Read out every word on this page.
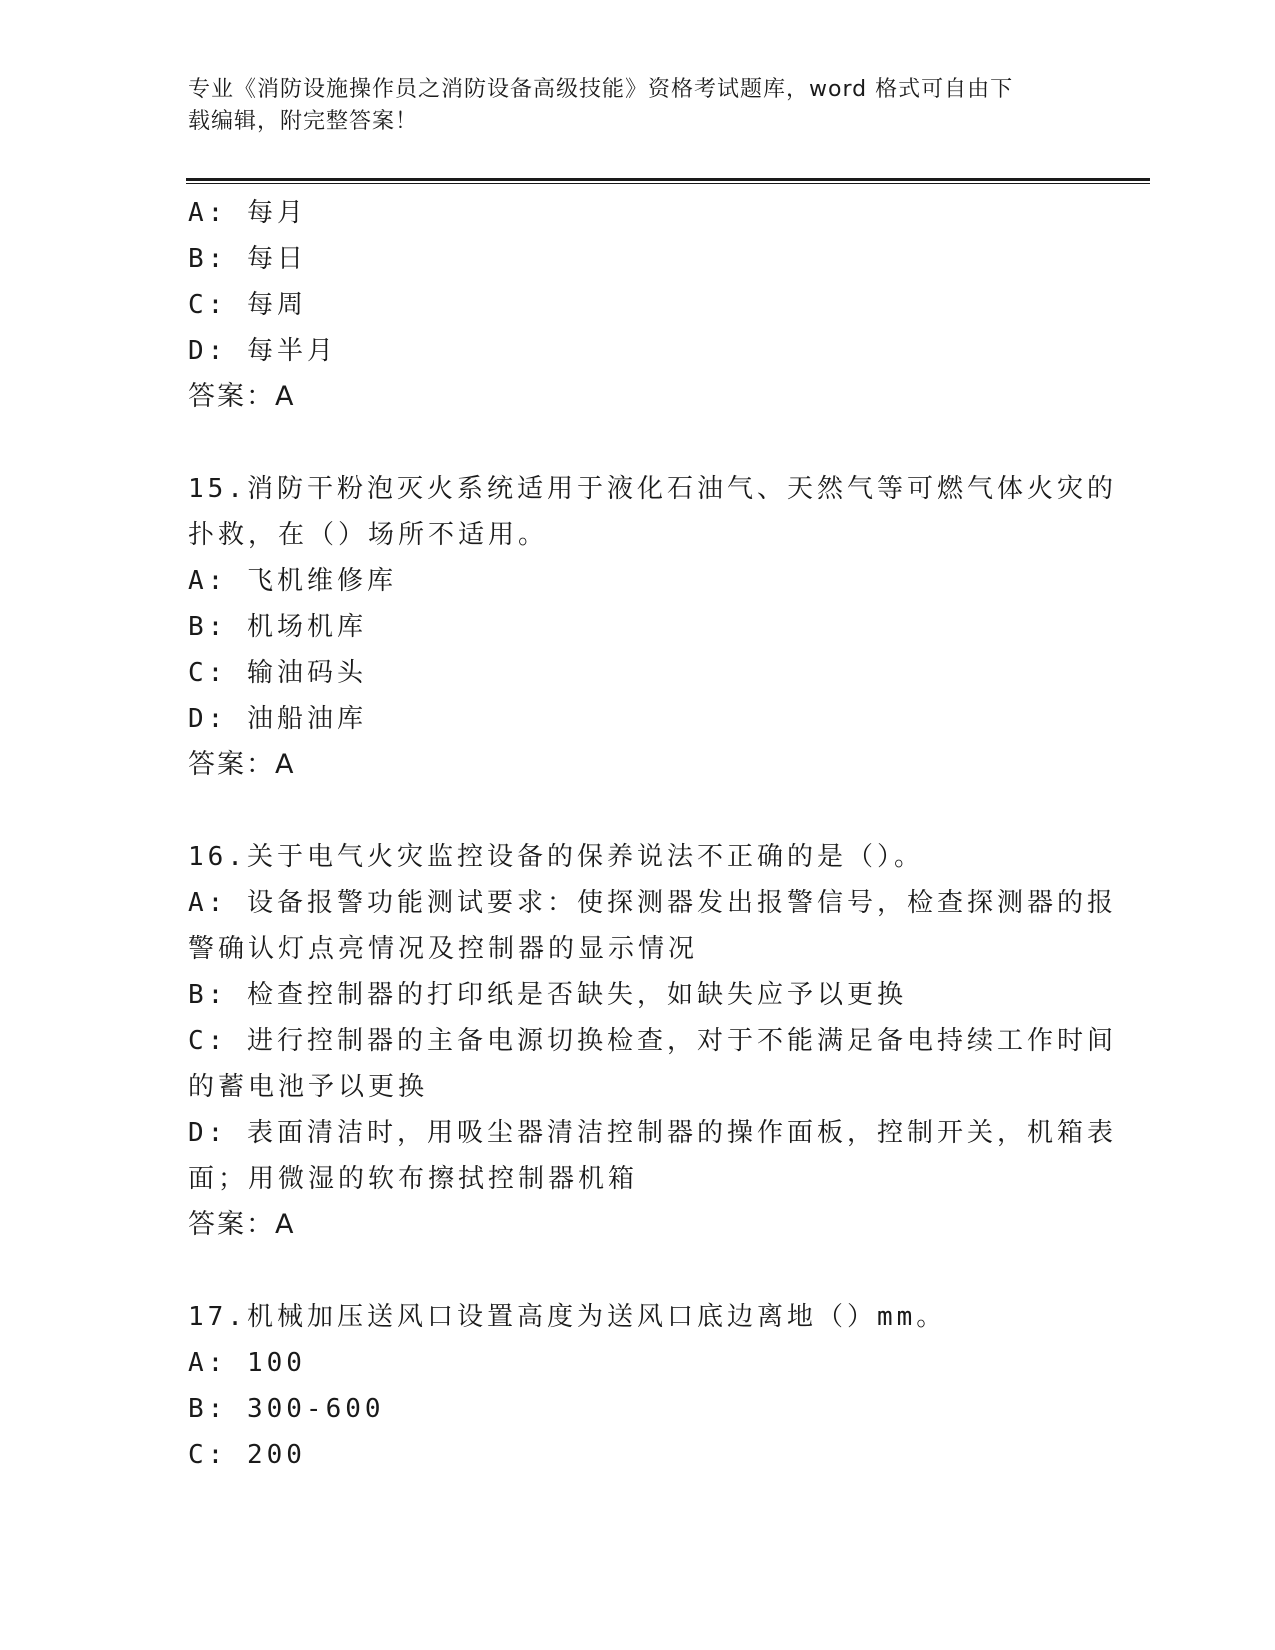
专业《消防设施操作员之消防设备高级技能》资格考试题库，word 格式可自由下
载编辑，附完整答案！
A: 每月
B: 每日
C: 每周
D: 每半月
答案：A
15.消防干粉泡灭火系统适用于液化石油气、天然气等可燃气体火灾的
扑救，在（）场所不适用。
A: 飞机维修库
B: 机场机库
C: 输油码头
D: 油船油库
答案：A
16.关于电气火灾监控设备的保养说法不正确的是（）。
A: 设备报警功能测试要求：使探测器发出报警信号，检查探测器的报
警确认灯点亮情况及控制器的显示情况
B: 检查控制器的打印纸是否缺失，如缺失应予以更换
C: 进行控制器的主备电源切换检查，对于不能满足备电持续工作时间
的蓄电池予以更换
D: 表面清洁时，用吸尘器清洁控制器的操作面板，控制开关，机箱表
面；用微湿的软布擦拭控制器机箱
答案：A
17.机械加压送风口设置高度为送风口底边离地（）mm。
A: 100
B: 300-600
C: 200
